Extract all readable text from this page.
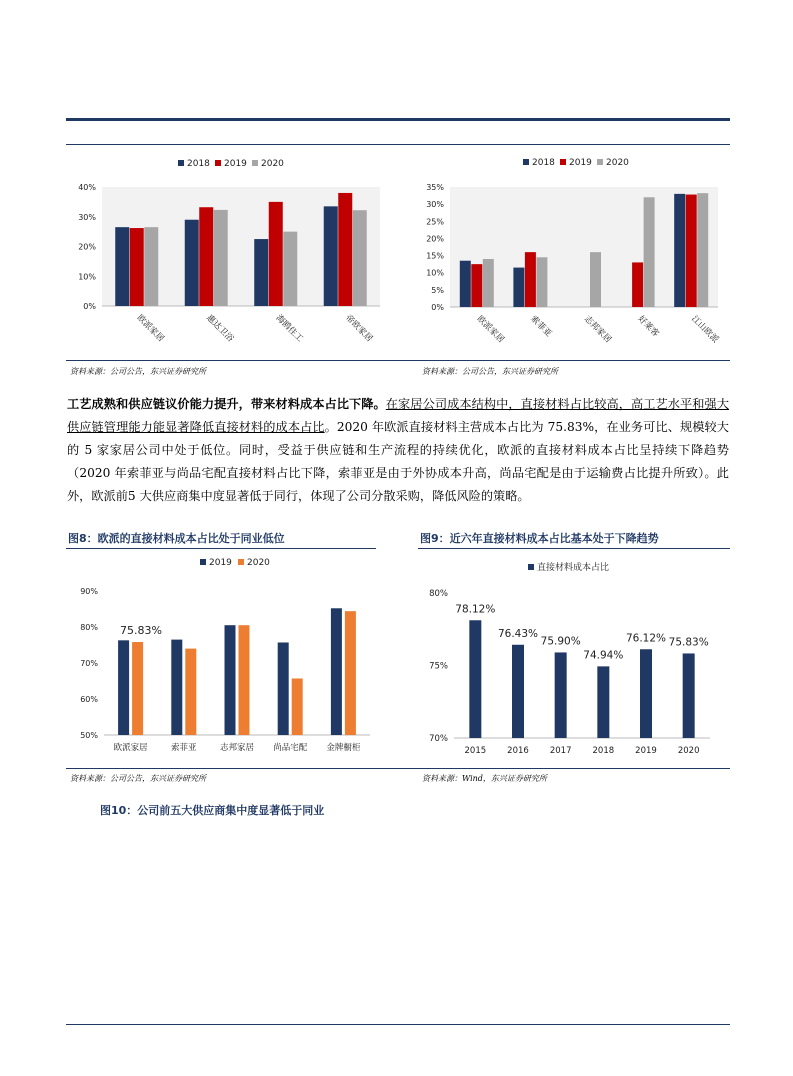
0%
10%
20%
30%
40%
2018 2019 2020
欧派家居	惠达卫浴	海鸥住工	帝欧家居
0%
5%
10%
15%
20%
25%
30%
35%
2018 2019 2020
欧派家居	索菲亚	志邦家居	好莱客	江山欧派
资料来源：公司公告，东兴证券研究所	资料来源：公司公告，东兴证券研究所
工艺成熟和供应链议价能力提升，带来材料成本占比下降。在家居公司成本结构中，直接材料占比较高，高工艺水平和强大供应链管理能力能显著降低直接材料的成本占比。2020 年欧派直接材料主营成本占比为 75.83%，在业务可比、规模较大的 5 家家居公司中处于低位。同时，受益于供应链和生产流程的持续优化，欧派的直接材料成本占比呈持续下降趋势（2020 年索菲亚与尚品宅配直接材料占比下降，索菲亚是由于外协成本升高，尚品宅配是由于运输费占比提升所致）。此外，欧派前5 大供应商集中度显著低于同行，体现了公司分散采购，降低风险的策略。
图8：欧派的直接材料成本占比处于同业低位	图9：近六年直接材料成本占比基本处于下降趋势
50%
60%
70%
80%
90%
2019 2020
欧派家居	索菲亚	志邦家居 尚品宅配 金牌橱柜
75.83%
70%
75%
80%
直接材料成本占比
2015
78.12%
2016
76.43%
2017
75.90%
2018
74.94%
2019
76.12%
2020
75.83%
资料来源：公司公告，东兴证券研究所	资料来源：Wind，东兴证券研究所
图10：公司前五大供应商集中度显著低于同业
